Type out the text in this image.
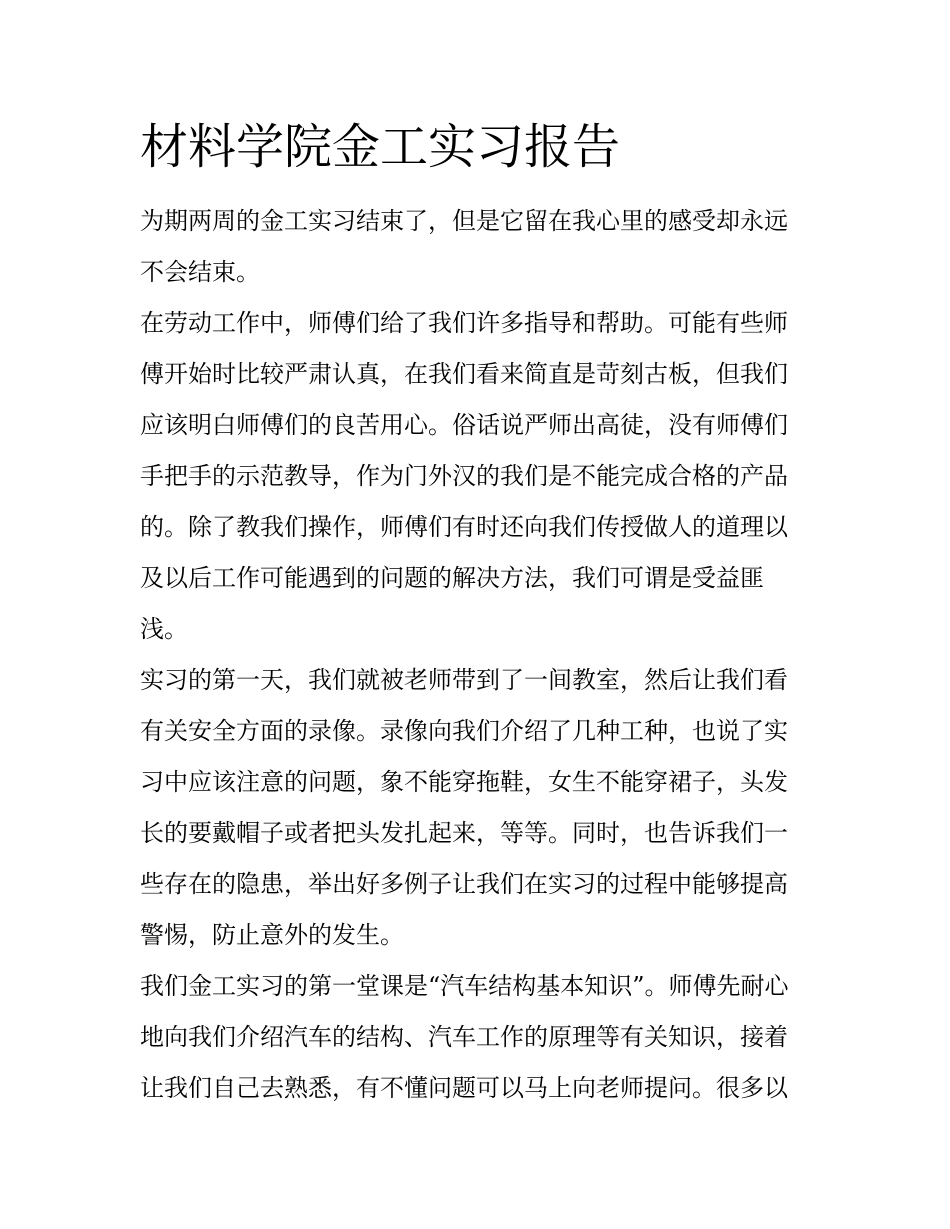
材料学院金工实习报告
为期两周的金工实习结束了，但是它留在我心里的感受却永远
不会结束。
在劳动工作中，师傅们给了我们许多指导和帮助。可能有些师
傅开始时比较严肃认真，在我们看来简直是苛刻古板，但我们
应该明白师傅们的良苦用心。俗话说严师出高徒，没有师傅们
手把手的示范教导，作为门外汉的我们是不能完成合格的产品
的。除了教我们操作，师傅们有时还向我们传授做人的道理以
及以后工作可能遇到的问题的解决方法，我们可谓是受益匪
浅。
实习的第一天，我们就被老师带到了一间教室，然后让我们看
有关安全方面的录像。录像向我们介绍了几种工种，也说了实
习中应该注意的问题，象不能穿拖鞋，女生不能穿裙子，头发
长的要戴帽子或者把头发扎起来，等等。同时，也告诉我们一
些存在的隐患，举出好多例子让我们在实习的过程中能够提高
警惕，防止意外的发生。
我们金工实习的第一堂课是“汽车结构基本知识”。师傅先耐心
地向我们介绍汽车的结构、汽车工作的原理等有关知识，接着
让我们自己去熟悉，有不懂问题可以马上向老师提问。很多以
